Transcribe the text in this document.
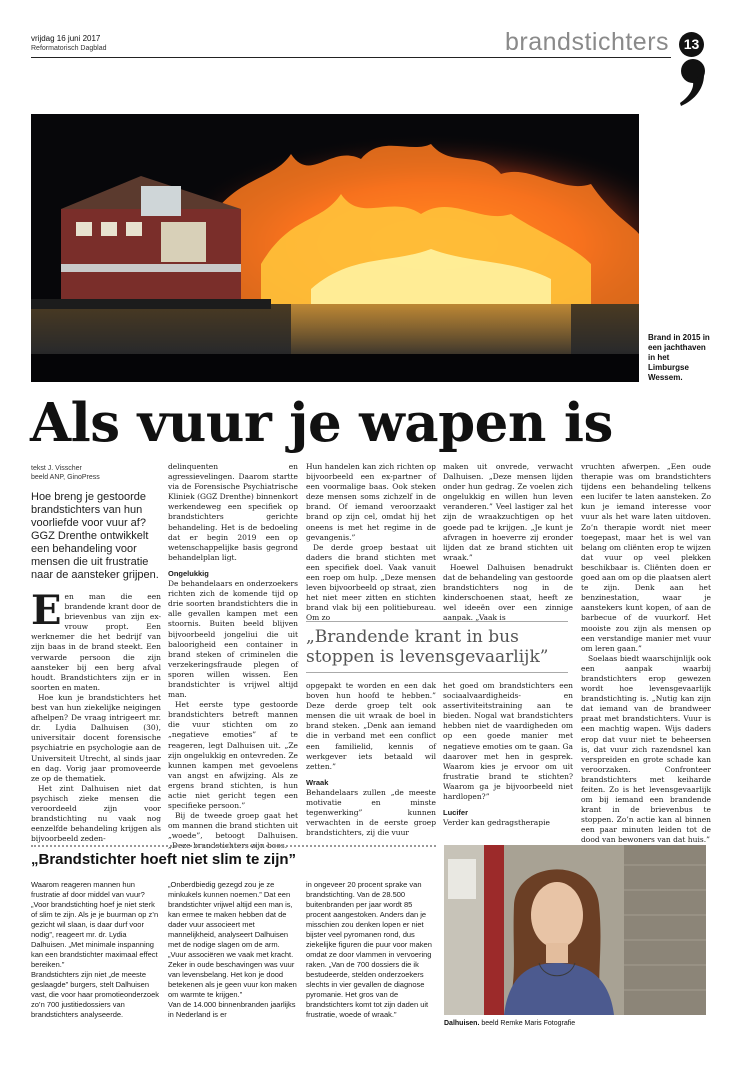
vrijdag 16 juni 2017
Reformatorisch Dagblad	brandstichters	13
Brand in 2015 in een jachthaven in het Limburgse Wessem.
Als vuur je wapen is
tekst J. Visscher
beeld ANP, GinoPress
Hoe breng je gestoorde brandstichters van hun voorliefde voor vuur af? GGZ Drenthe ontwikkelt een behandeling voor mensen die uit frustratie naar de aansteker grijpen.

Een man die een brandende krant door de brievenbus van zijn ex-vrouw propt. Een werknemer die het bedrijf van zijn baas in de brand steekt. Een verwarde persoon die zijn aansteker bij een berg afval houdt. Brandstichters zijn er in soorten en maten.

Hoe kun je brandstichters het best van hun ziekelijke neigingen afhelpen? De vraag intrigeert mr. dr. Lydia Dalhuisen (30), universitair docent forensische psychiatrie en psychologie aan de Universiteit Utrecht, al sinds jaar en dag. Vorig jaar promoveerde ze op de thematiek.

Het zint Dalhuisen niet dat psychisch zieke mensen die veroordeeld zijn voor brandstichting nu vaak nog eenzelfde behandeling krijgen als bijvoorbeeld zeden-

delinquenten en agressievelingen. Daarom startte via de Forensische Psychiatrische Kliniek (GGZ Drenthe) binnenkort werkendeweg een specifiek op brandstichters gerichte behandeling. Het is de bedoeling dat er begin 2019 een op wetenschappelijke basis gegrond behandelplan ligt.

Ongelukkig

De behandelaars en onderzoekers richten zich de komende tijd op drie soorten brandstichters die in alle gevallen kampen met een stoornis. Buiten beeld blijven bijvoorbeeld jongeliui die uit baloorigheid een container in brand steken of criminelen die verzekeringsfraude plegen of sporen willen wissen. Een brandstichter is vrijwel altijd man.

Het eerste type gestoorde brandstichters betreft mannen die vuur stichten om zo „negatieve emoties” af te reageren, legt Dalhuisen uit. „Ze zijn ongelukkig en ontevreden. Ze kunnen kampen met gevoelens van angst en afwijzing. Als ze ergens brand stichten, is hun actie niet gericht tegen een specifieke persoon.”

Bij de tweede groep gaat het om mannen die brand stichten uit „woede”, betoogt Dalhuisen. „Deze brandstichters zijn boos.

Hun handelen kan zich richten op bijvoorbeeld een ex-partner of een voormalige baas. Ook steken deze mensen soms zichzelf in de brand. Of iemand veroorzaakt brand op zijn cel, omdat hij het oneens is met het regime in de gevangenis.”

De derde groep bestaat uit daders die brand stichten met een specifiek doel. Vaak vanuit een roep om hulp. „Deze mensen leven bijvoorbeeld op straat, zien het niet meer zitten en stichten brand vlak bij een politiebureau. Om zo

maken uit onvrede, verwacht Dalhuisen. „Deze mensen lijden onder hun gedrag. Ze voelen zich ongelukkig en willen hun leven veranderen.” Veel lastiger zal het zijn de wraakzuchtigen op het goede pad te krijgen. „Je kunt je afvragen in hoeverre zij eronder lijden dat ze brand stichten uit wraak.”

Hoewel Dalhuisen benadrukt dat de behandeling van gestoorde brandstichters nog in de kinderschoenen staat, heeft ze wel ideeën over een zinnige aanpak. „Vaak is

„Brandende krant in bus stoppen is levensgevaarlijk”

opgepakt te worden en een dak boven hun hoofd te hebben.” Deze derde groep telt ook mensen die uit wraak de boel in brand steken. „Denk aan iemand die in verband met een conflict een familielid, kennis of werkgever iets betaald wil zetten.”

Wraak

Behandelaars zullen „de meeste motivatie en minste tegenwerking” kunnen verwachten in de eerste groep brandstichters, zij die vuur

het goed om brandstichters een sociaalvaardigheids- en assertiviteitstraining aan te bieden. Nogal wat brandstichters hebben niet de vaardigheden om op een goede manier met negatieve emoties om te gaan. Ga daarover met hen in gesprek. Waarom kies je ervoor om uit frustratie brand te stichten? Waarom ga je bijvoorbeeld niet hardlopen?”

Lucifer

Verder kan gedragstherapie

vruchten afwerpen. „Een oude therapie was om brandstichters tijdens een behandeling telkens een lucifer te laten aansteken. Zo kun je iemand interesse voor vuur als het ware laten uitdoven. Zo’n therapie wordt niet meer toegepast, maar het is wel van belang om cliënten erop te wijzen dat vuur op veel plekken beschikbaar is. Cliënten doen er goed aan om op die plaatsen alert te zijn. Denk aan het benzinestation, waar je aanstekers kunt kopen, of aan de barbecue of de vuurkorf. Het mooiste zou zijn als mensen op een verstandige manier met vuur om leren gaan.”

Soelaas biedt waarschijnlijk ook een aanpak waarbij brandstichters erop gewezen wordt hoe levensgevaarlijk brandstichting is. „Nutig kan zijn dat iemand van de brandweer praat met brandstichters. Vuur is een machtig wapen. Wijs daders erop dat vuur niet te beheersen is, dat vuur zich razendsnel kan verspreiden en grote schade kan veroorzaken. Confronteer brandstichters met keiharde feiten. Zo is het levensgevaarlijk om bij iemand een brandende krant in de brievenbus te stoppen. Zo’n actie kan al binnen een paar minuten leiden tot de dood van bewoners van dat huis.”

„Brandstichter hoeft niet slim te zijn”

Waarom reageren mannen hun frustratie af door middel van vuur? „Voor brandstichting hoef je niet sterk of slim te zijn. Als je je buurman op z’n gezicht wil slaan, is daar durf voor nodig”, reageert mr. dr. Lydia Dalhuisen. „Met minimale inspanning kan een brandstichter maximaal effect bereiken.”

Brandstichters zijn niet „de meeste geslaagde” burgers, stelt Dalhuisen vast, die voor haar promotieonderzoek zo’n 700 justitiedossiers van brandstichters analyseerde.

„Onberdbiedig gezegd zou je ze minkukels kunnen noemen.” Dat een brandstichter vrijwel altijd een man is, kan ermee te maken hebben dat de dader vuur associeert met mannelijkheid, analyseert Dalhuisen met de nodige slagen om de arm. „Vuur associëren we vaak met kracht. Zeker in oude beschavingen was vuur van levensbelang. Het kon je dood betekenen als je geen vuur kon maken om warmte te krijgen.”

Van de 14.000 binnenbranden jaarlijks in Nederland is er

in ongeveer 20 procent sprake van brandstichting. Van de 28.500 buitenbranden per jaar wordt 85 procent aangestoken. Anders dan je misschien zou denken lopen er niet bijster veel pyromanen rond, dus ziekelijke figuren die puur voor maken omdat ze door vlammen in vervoering raken. „Van de 700 dossiers die ik bestudeerde, stelden onderzoekers slechts in vier gevallen de diagnose pyromanie. Het gros van de brandstichters komt tot zijn daden uit frustratie, woede of wraak.”

Dalhuisen. beeld Remke Maris Fotografie
